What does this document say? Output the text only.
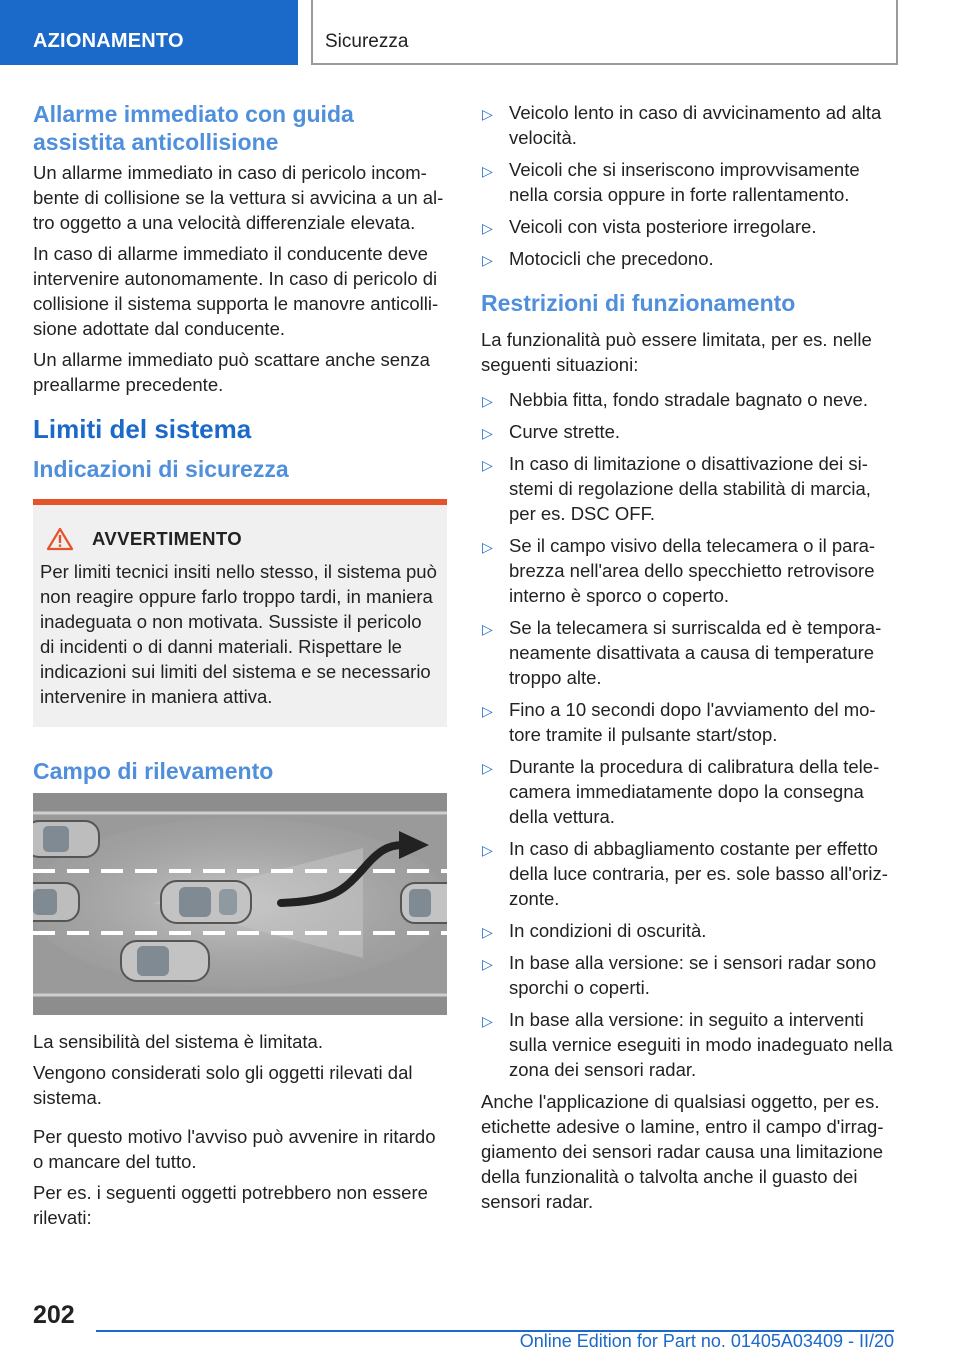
AZIONAMENTO	Sicurezza
Allarme immediato con guida assistita anticollisione

Un allarme immediato in caso di pericolo incombente di collisione se la vettura si avvicina a un altro oggetto a una velocità differenziale elevata.

In caso di allarme immediato il conducente deve intervenire autonomamente. In caso di pericolo di collisione il sistema supporta le manovre anticollisione adottate dal conducente.

Un allarme immediato può scattare anche senza preallarme precedente.

Limiti del sistema
Indicazioni di sicurezza
AVVERTIMENTO

Per limiti tecnici insiti nello stesso, il sistema può non reagire oppure farlo troppo tardi, in maniera inadeguata o non motivata. Sussiste il pericolo di incidenti o di danni materiali. Rispettare le indicazioni sui limiti del sistema e se necessario intervenire in maniera attiva.

Campo di rilevamento

La sensibilità del sistema è limitata.

Vengono considerati solo gli oggetti rilevati dal sistema.

Per questo motivo l'avviso può avvenire in ritardo o mancare del tutto.

Per es. i seguenti oggetti potrebbero non essere rilevati:

▷ Veicolo lento in caso di avvicinamento ad alta velocità.
▷ Veicoli che si inseriscono improvvisamente nella corsia oppure in forte rallentamento.
▷ Veicoli con vista posteriore irregolare.
▷ Motocicli che precedono.
Restrizioni di funzionamento

La funzionalità può essere limitata, per es. nelle seguenti situazioni:

▷ Nebbia fitta, fondo stradale bagnato o neve.
▷ Curve strette.
▷ In caso di limitazione o disattivazione dei sistemi di regolazione della stabilità di marcia, per es. DSC OFF.
▷ Se il campo visivo della telecamera o il parabrezza nell'area dello specchietto retrovisore interno è sporco o coperto.
▷ Se la telecamera si surriscalda ed è temporaneamente disattivata a causa di temperature troppo alte.
▷ Fino a 10 secondi dopo l'avviamento del motore tramite il pulsante start/stop.
▷ Durante la procedura di calibratura della telecamera immediatamente dopo la consegna della vettura.
▷ In caso di abbagliamento costante per effetto della luce contraria, per es. sole basso all'orizzonte.
▷ In condizioni di oscurità.
▷ In base alla versione: se i sensori radar sono sporchi o coperti.
▷ In base alla versione: in seguito a interventi sulla vernice eseguiti in modo inadeguato nella zona dei sensori radar.

Anche l'applicazione di qualsiasi oggetto, per es. etichette adesive o lamine, entro il campo d'irraggiamento dei sensori radar causa una limitazione della funzionalità o talvolta anche il guasto dei sensori radar.

202
Online Edition for Part no. 01405A03409 - II/20
